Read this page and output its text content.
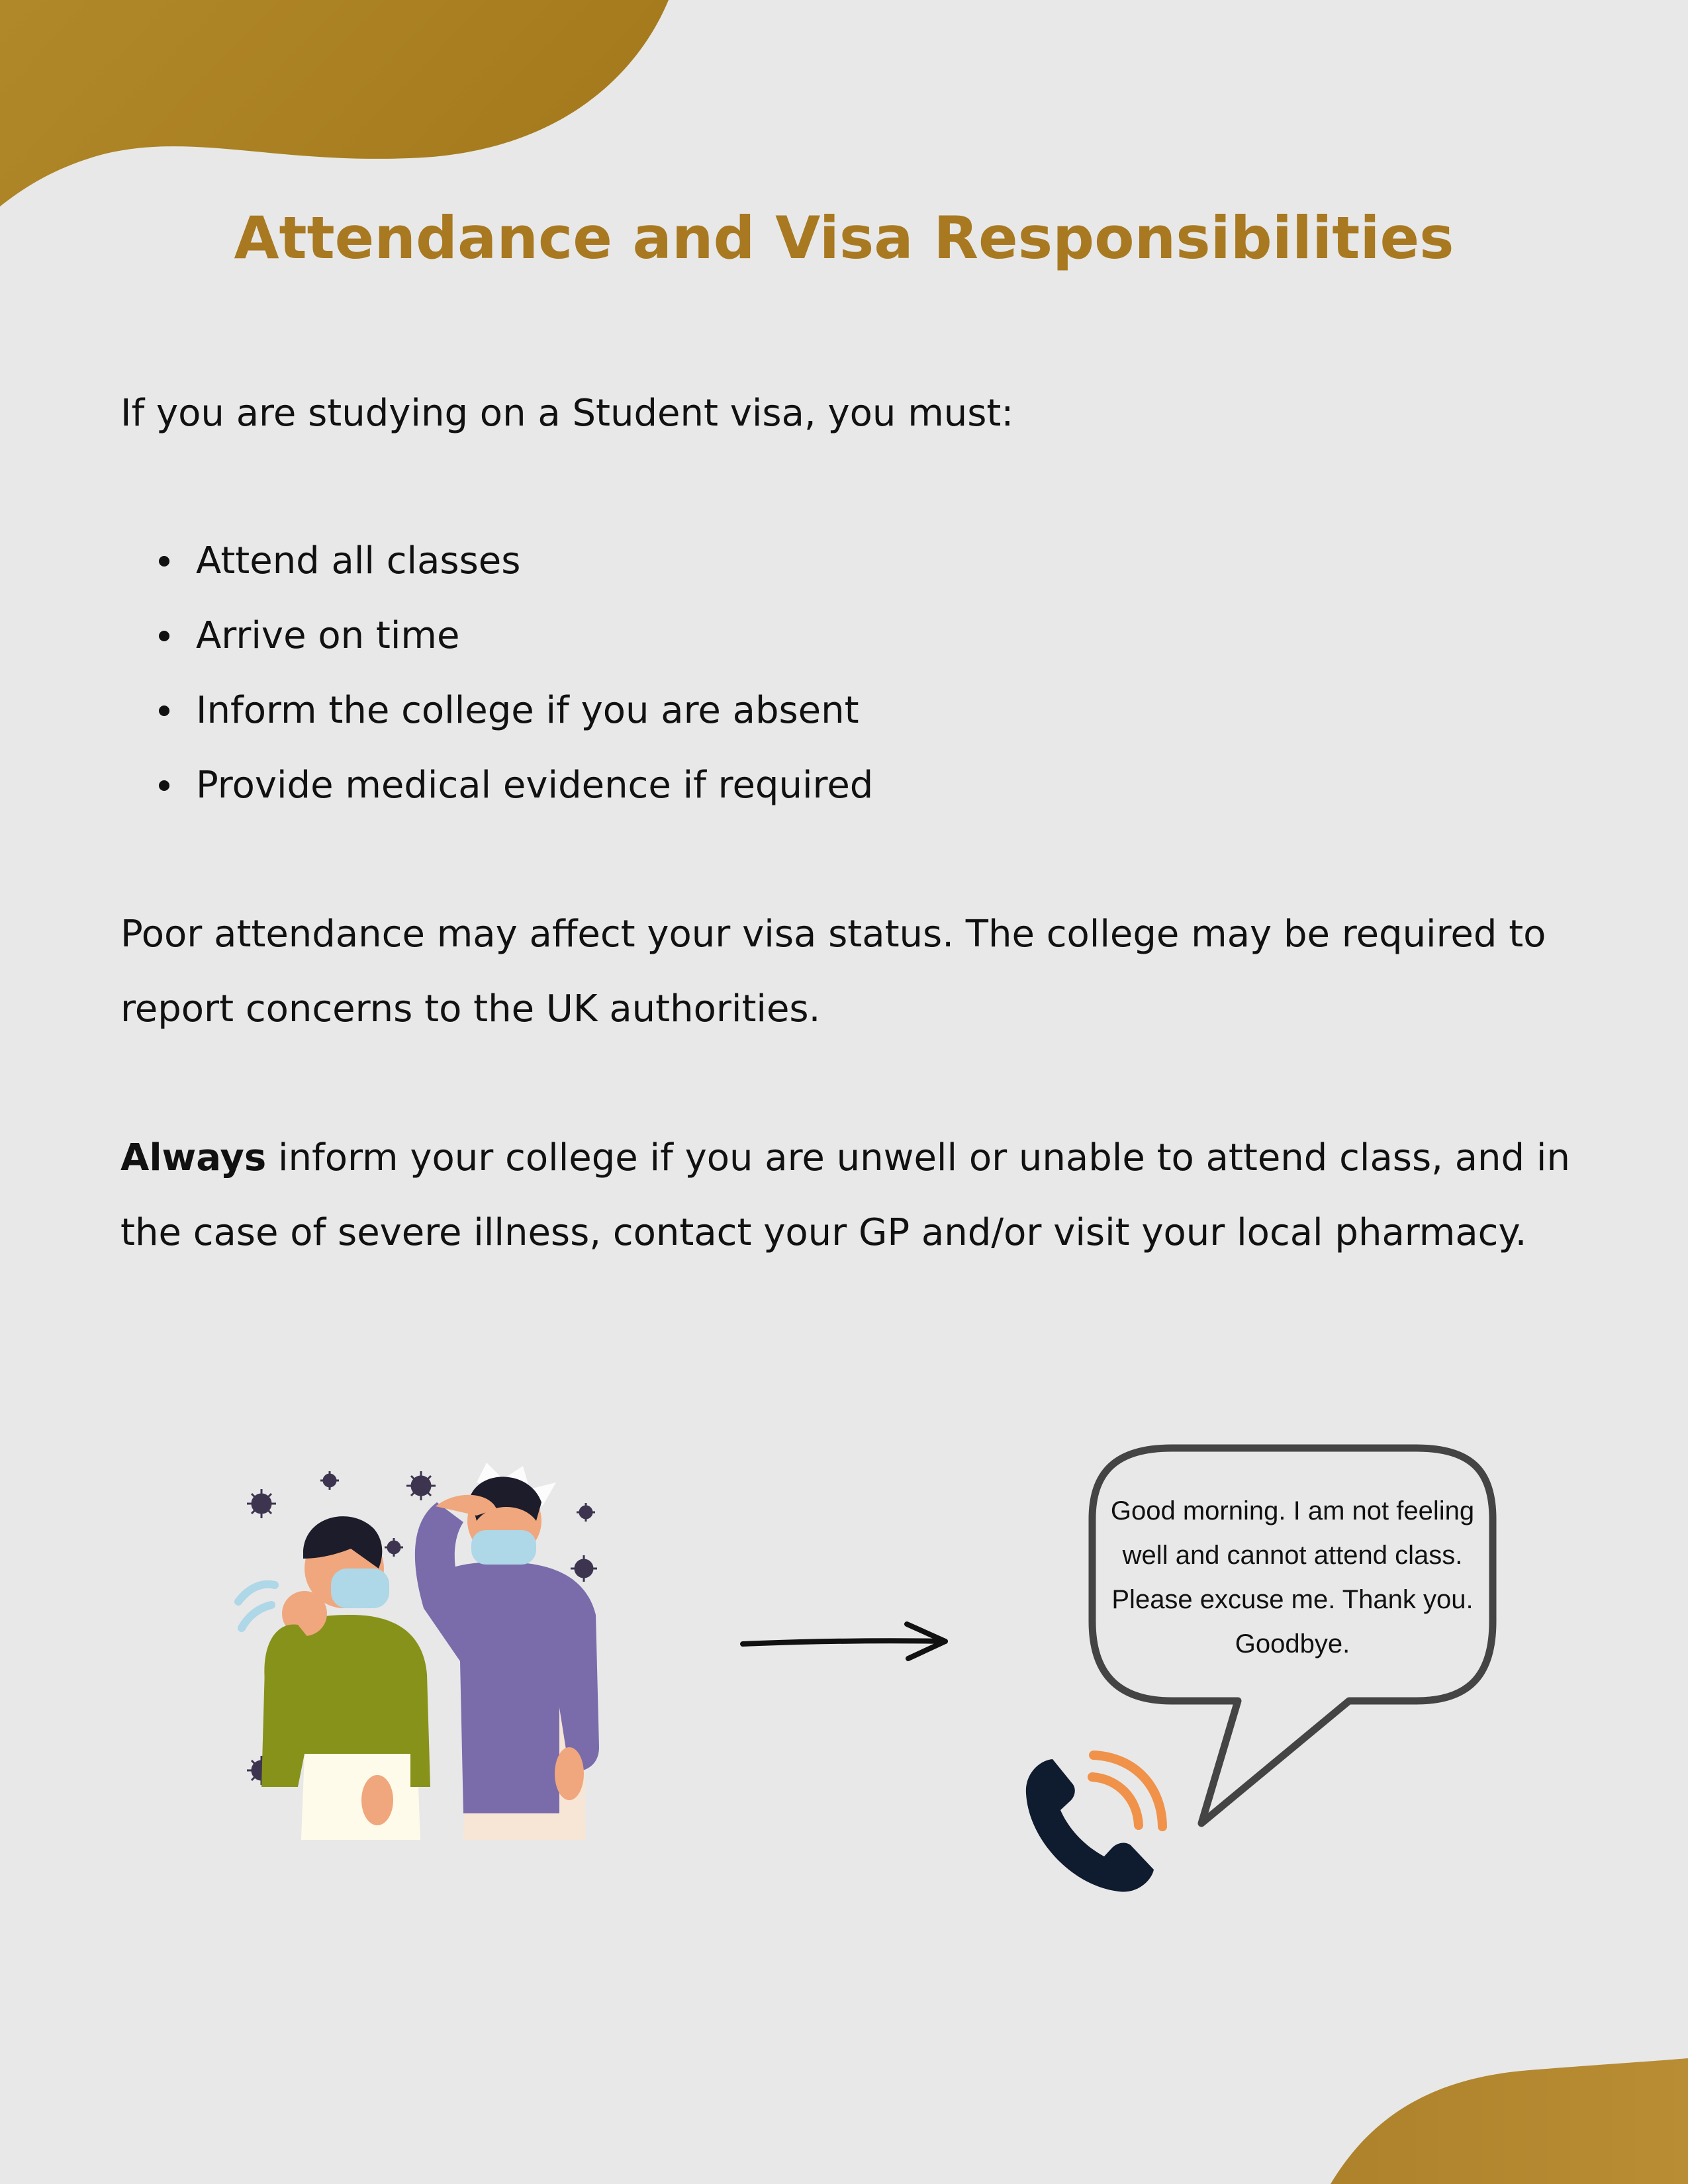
Attendance and Visa Responsibilities

If you are studying on a Student visa, you must:

Attend all classes
Arrive on time
Inform the college if you are absent
Provide medical evidence if required

Poor attendance may affect your visa status. The college may be required to report concerns to the UK authorities.

Always inform your college if you are unwell or unable to attend class, and in the case of severe illness, contact your GP and/or visit your local pharmacy.

Good morning. I am not feeling well and cannot attend class. Please excuse me. Thank you. Goodbye.
